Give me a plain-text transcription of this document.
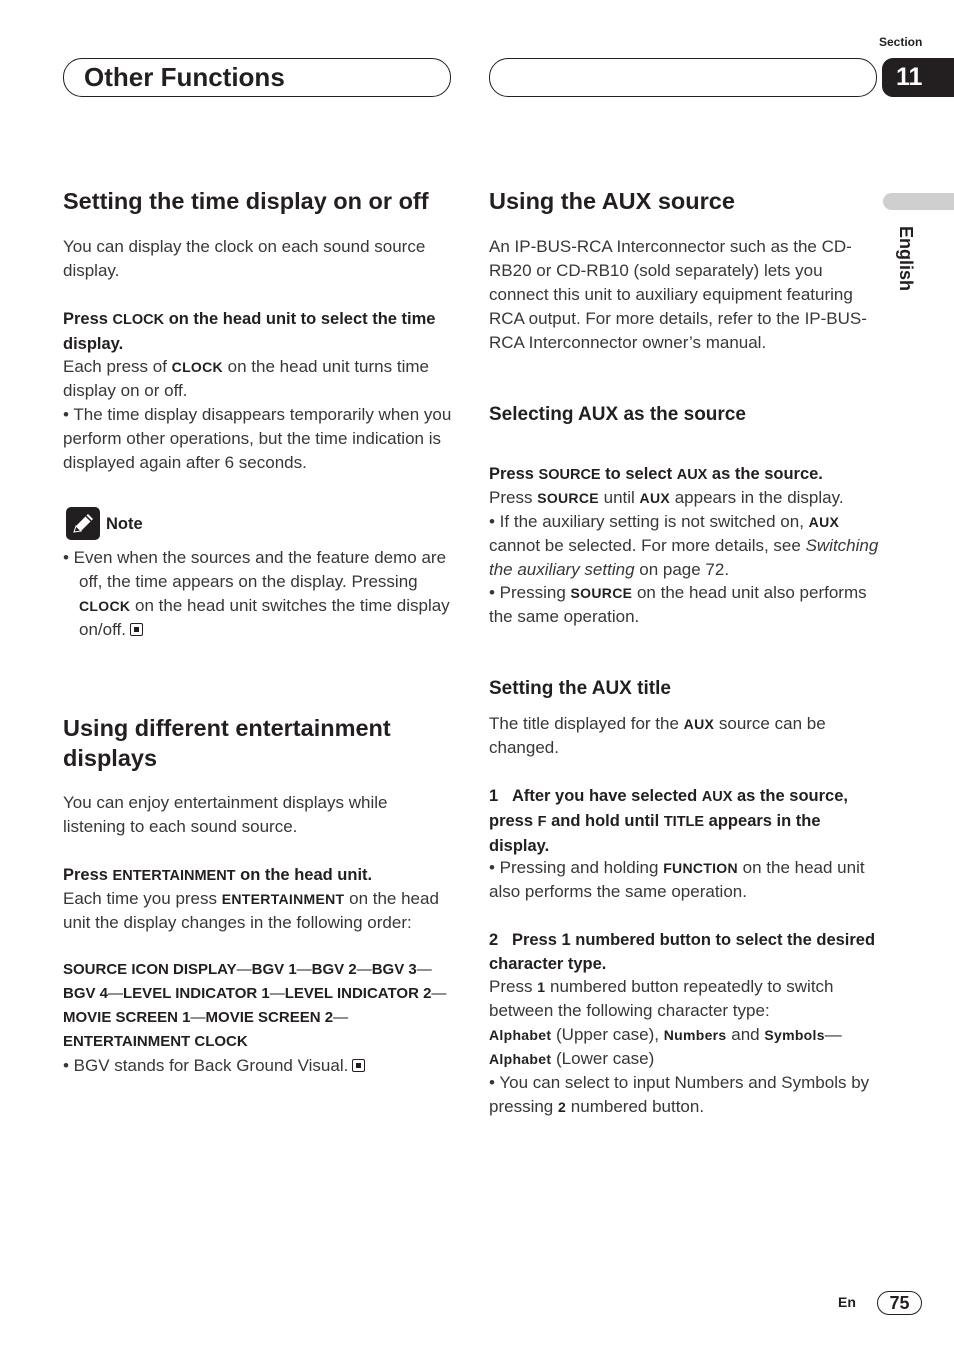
Section
Other Functions	11
English
Setting the time display on or off
You can display the clock on each sound source display.
Press CLOCK on the head unit to select the time display.
Each press of CLOCK on the head unit turns time display on or off.
• The time display disappears temporarily when you perform other operations, but the time indication is displayed again after 6 seconds.
Note
• Even when the sources and the feature demo are off, the time appears on the display. Pressing CLOCK on the head unit switches the time display on/off.
Using different entertainment displays
You can enjoy entertainment displays while listening to each sound source.
Press ENTERTAINMENT on the head unit.
Each time you press ENTERTAINMENT on the head unit the display changes in the following order:
SOURCE ICON DISPLAY—BGV 1—BGV 2—BGV 3—BGV 4—LEVEL INDICATOR 1—LEVEL INDICATOR 2—MOVIE SCREEN 1—MOVIE SCREEN 2—ENTERTAINMENT CLOCK
• BGV stands for Back Ground Visual.
Using the AUX source
An IP-BUS-RCA Interconnector such as the CD-RB20 or CD-RB10 (sold separately) lets you connect this unit to auxiliary equipment featuring RCA output. For more details, refer to the IP-BUS-RCA Interconnector owner’s manual.
Selecting AUX as the source
Press SOURCE to select AUX as the source.
Press SOURCE until AUX appears in the display.
• If the auxiliary setting is not switched on, AUX cannot be selected. For more details, see Switching the auxiliary setting on page 72.
• Pressing SOURCE on the head unit also performs the same operation.
Setting the AUX title
The title displayed for the AUX source can be changed.
1 After you have selected AUX as the source, press F and hold until TITLE appears in the display.
• Pressing and holding FUNCTION on the head unit also performs the same operation.
2 Press 1 numbered button to select the desired character type.
Press 1 numbered button repeatedly to switch between the following character type:
Alphabet (Upper case), Numbers and Symbols—Alphabet (Lower case)
• You can select to input Numbers and Symbols by pressing 2 numbered button.
En	75
